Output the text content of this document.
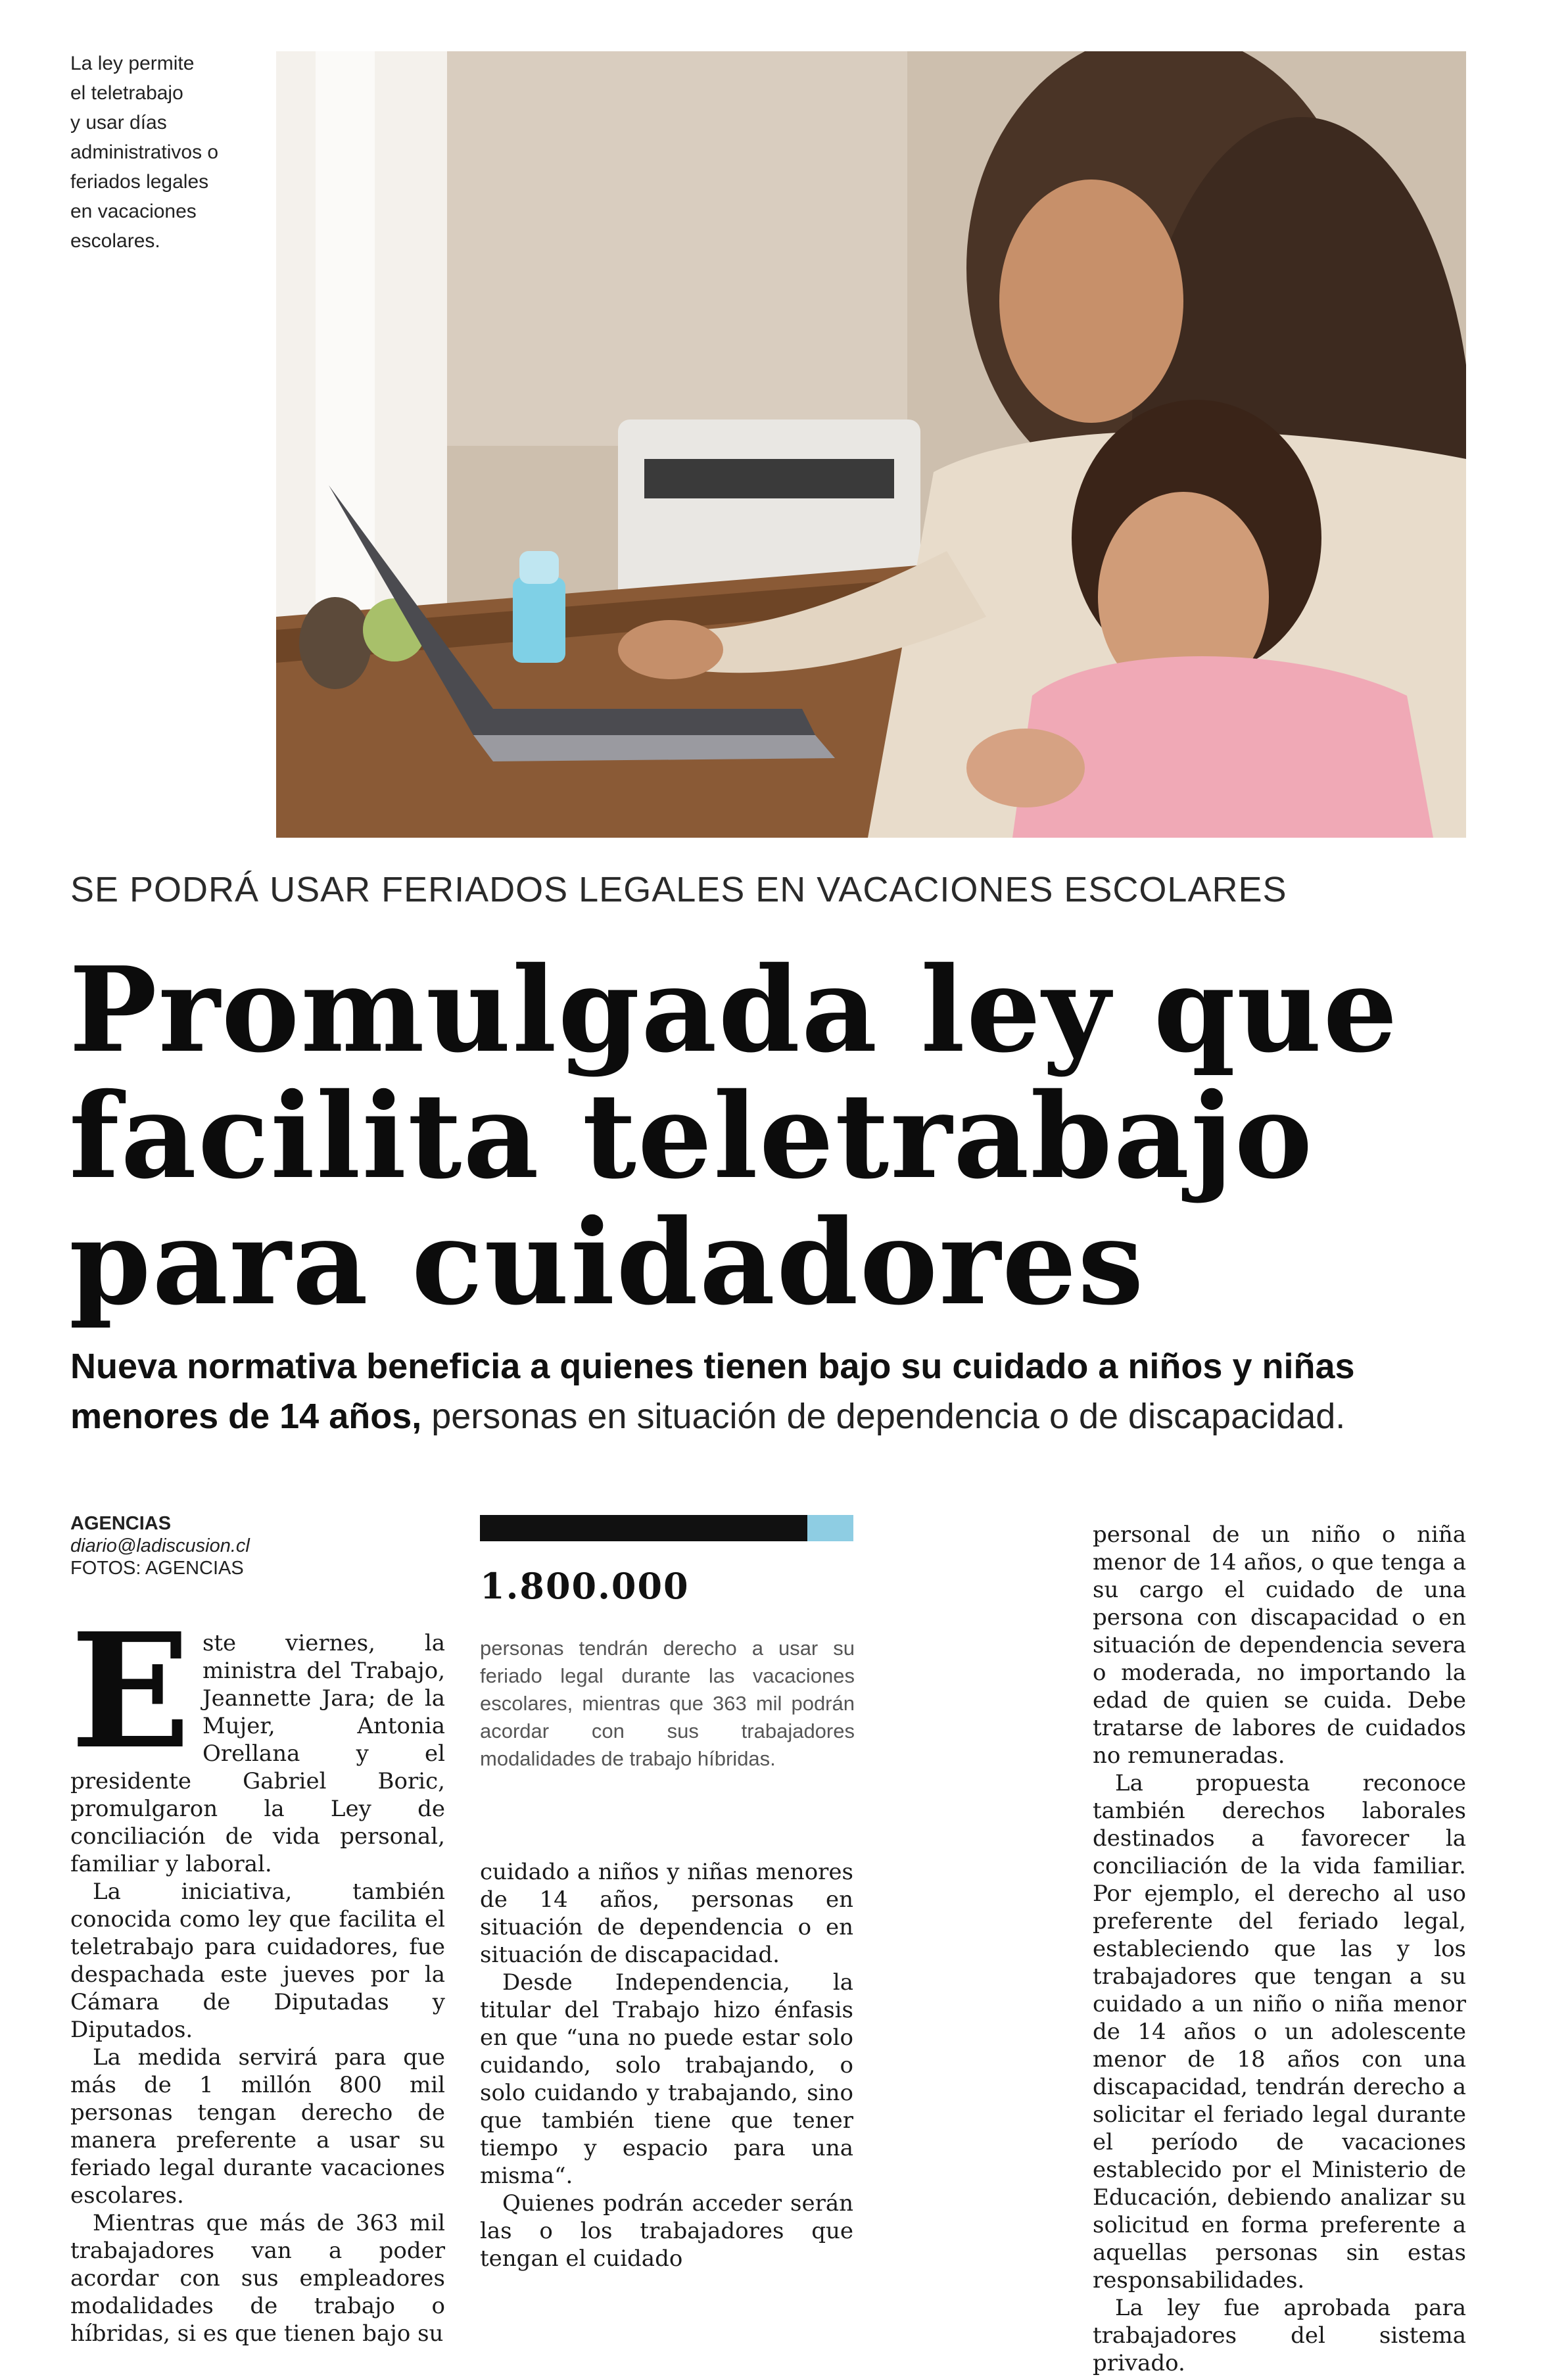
La ley permite
el teletrabajo
y usar días
administrativos o
feriados legales
en vacaciones
escolares.
SE PODRÁ USAR FERIADOS LEGALES EN VACACIONES ESCOLARES
Promulgada ley que
facilita teletrabajo
para cuidadores
Nueva normativa beneficia a quienes tienen bajo su cuidado a niños y niñas menores de 14 años, personas en situación de dependencia o de discapacidad.
AGENCIAS
diario@ladiscusion.cl
FOTOS: AGENCIAS

Este viernes, la ministra del Trabajo, Jeannette Jara; de la Mujer, Antonia Orellana y el presidente Gabriel Boric, promulgaron la Ley de conciliación de vida personal, familiar y laboral.

La iniciativa, también conocida como ley que facilita el teletrabajo para cuidadores, fue despachada este jueves por la Cámara de Diputadas y Diputados.

La medida servirá para que más de 1 millón 800 mil personas tengan derecho de manera preferente a usar su feriado legal durante vacaciones escolares.

Mientras que más de 363 mil trabajadores van a poder acordar con sus empleadores modalidades de trabajo o híbridas, si es que tienen bajo su

1.800.000
personas tendrán derecho a usar su feriado legal durante las vacaciones escolares, mientras que 363 mil podrán acordar con sus trabajadores modalidades de trabajo híbridas.

cuidado a niños y niñas menores de 14 años, personas en situación de dependencia o en situación de discapacidad.

Desde Independencia, la titular del Trabajo hizo énfasis en que “una no puede estar solo cuidando, solo trabajando, o solo cuidando y trabajando, sino que también tiene que tener tiempo y espacio para una misma“.

Quienes podrán acceder serán las o los trabajadores que tengan el cuidado

personal de un niño o niña menor de 14 años, o que tenga a su cargo el cuidado de una persona con discapacidad o en situación de dependencia severa o moderada, no importando la edad de quien se cuida. Debe tratarse de labores de cuidados no remuneradas.

La propuesta reconoce también derechos laborales destinados a favorecer la conciliación de la vida familiar. Por ejemplo, el derecho al uso preferente del feriado legal, estableciendo que las y los trabajadores que tengan a su cuidado a un niño o niña menor de 14 años o un adolescente menor de 18 años con una discapacidad, tendrán derecho a solicitar el feriado legal durante el período de vacaciones establecido por el Ministerio de Educación, debiendo analizar su solicitud en forma preferente a aquellas personas sin estas responsabilidades.

La ley fue aprobada para trabajadores del sistema privado.
